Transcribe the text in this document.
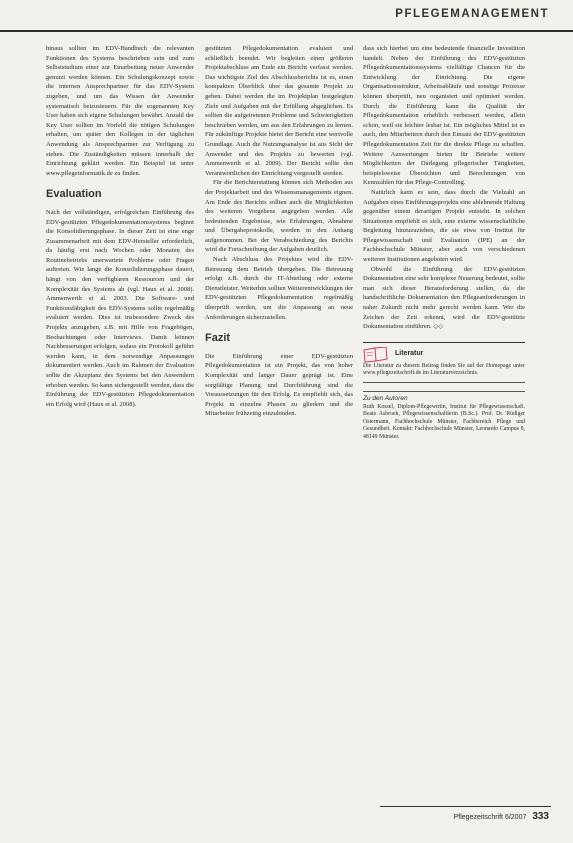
PFLEGEMANAGEMENT

hinaus sollten im EDV-Handbuch die relevanten Funktionen des Systems beschrieben sein und zum Selbststudium einer zur Einarbeitung neuer Anwender genutzt werden können. Ein Schulungskonzept sowie die internen Ansprechpartner für das EDV-System zugeben, und um das Wissen der Anwender systematisch beizusteuern. Für die sogenannten Key User haben sich eigene Schulungen bewährt. Anzahl der Key User sollten im Vorfeld die nötigen Schulungen erhalten, um später den Kollegen in der täglichen Anwendung als Ansprechpartner zur Verfügung zu stehen. Die Zuständigkeiten müssen innerhalb der Einrichtung geklärt werden. Ein Beispiel ist unter www.pflegeinformatik.de zu finden.

Evaluation

Nach der vollständigen, erfolgreichen Einführung des EDV-gestützten Pflegedokumentationssystems beginnt die Konsolidierungsphase. In dieser Zeit ist eine enge Zusammenarbeit mit dem EDV-Hersteller erforderlich, da häufig erst nach Wochen oder Monaten des Routinebetriebs unerwartete Probleme oder Fragen auftreten. Wie lange die Konsolidierungsphase dauert, hängt von den verfügbaren Ressourcen und der Komplexität des Systems ab (vgl. Haux et al. 2008). Ammenwerth et al. 2003. Die Software- und Funktionsfähigkeit des EDV-Systems sollte regelmäßig evaluiert werden. Dies ist insbesondere Zweck des Projekts anzugeben, z.B. mit Hilfe von Fragebögen, Beobachtungen oder Interviews. Damit können Nachbesserungen erfolgen, sodass ein Protokoll geführt werden kann, in dem notwendige Anpassungen dokumentiert werden. Auch im Rahmen der Evaluation sollte die Akzeptanz des Systems bei den Anwendern erhoben werden. So kann sichergestellt werden, dass die Einführung der EDV-gestützten Pflegedokumentation ein Erfolg wird (Haux et al. 2008).

gestützten Pflegedokumentation evaluiert und schließlich beendet. Wir begleiten einen größeren Projektabschluss am Ende ein Bericht verfasst werden. Das wichtigste Ziel des Abschlussberichts ist es, einen kompakten Überblick über das gesamte Projekt zu geben. Dabei werden die im Projektplan festgelegten Ziele und Aufgaben mit der Erfüllung abgeglichen. Es sollten die aufgetretenen Probleme und Schwierigkeiten beschrieben werden, um aus den Erfahrungen zu lernen. Für zukünftige Projekte bietet der Bericht eine wertvolle Grundlage. Auch die Nutzungsanalyse ist aus Sicht der Anwender und des Projekts zu bewerten (vgl. Ammenwerth et al. 2009). Der Bericht sollte den Verantwortlichen der Einrichtung vorgestellt werden.

Für die Berichterstattung können sich Methoden aus der Projektarbeit und des Wissensmanagements eignen. Am Ende des Berichts sollten auch die Möglichkeiten des weiteren Vorgehens angegeben werden. Alle bedeutenden Ergebnisse, wie Erfahrungen, Abnahme und Übergabeprotokolle, werden in den Anhang aufgenommen. Bei der Verabschiedung des Berichts wird die Fortschreibung der Aufgaben deutlich.

Nach Abschluss des Projektes wird die EDV-Betreuung dem Betrieb übergeben. Die Betreuung erfolgt z.B. durch die IT-Abteilung oder externe Dienstleister. Weiterhin sollten Weiterentwicklungen der EDV-gestützten Pflegedokumentation regelmäßig überprüft werden, um die Anpassung an neue Anforderungen sicherzustellen.

Fazit

Die Einführung einer EDV-gestützten Pflegedokumentation ist ein Projekt, das von hoher Komplexität und langer Dauer geprägt ist. Eine sorgfältige Planung und Durchführung sind die Voraussetzungen für den Erfolg. Es empfiehlt sich, das Projekt in einzelne Phasen zu gliedern und die Mitarbeiter frühzeitig einzubinden.

dass sich hierbei um eine bedeutende finanzielle Investition handelt. Neben der Einführung des EDV-gestützten Pflegedokumentationssystems vielfältige Chancen für die Entwicklung der Einrichtung. Die eigene Organisationsstruktur, Arbeitsabläufe und sonstige Prozesse können überprüft, neu organisiert und optimiert werden. Durch die Einführung kann die Qualität der Pflegedokumentation erheblich verbessert werden, allein schon, weil sie leichter lesbar ist. Ein mögliches Mittel ist es auch, den Mitarbeitern durch den Einsatz der EDV-gestützten Pflegedokumentation Zeit für die direkte Pflege zu schaffen. Weitere Auswertungen bieten für Betriebe weitere Möglichkeiten der Darlegung pflegerischer Tätigkeiten, beispielsweise Übersichten und Berechnungen von Kennzahlen für das Pflege-Controlling.

Natürlich kann es sein, dass durch die Vielzahl an Aufgaben eines Einführungsprojekts eine ablehnende Haltung gegenüber einem derartigen Projekt entsteht. In solchen Situationen empfiehlt es sich, eine externe wissenschaftliche Begleitung hinzuzuziehen, die sie etwa von Institut für Pflegewissenschaft und Evaluation (IPE) an der Fachhochschule Münster, aber auch von verschiedenen weiteren Institutionen angeboten wird.

Obwohl die Einführung der EDV-gestützten Dokumentation eine sehr komplexe Neuerung bedeutet, sollte man sich dieser Herausforderung stellen, da die handschriftliche Dokumentation den Pflegeanforderungen in naher Zukunft nicht mehr gerecht werden kann. Wer die Zeichen der Zeit erkennt, wird die EDV-gestützte Dokumentation einführen. ◇◇

Literatur
Die Literatur zu diesem Beitrag finden Sie auf der Homepage unter www.pflegezeitschrift.de im Literaturverzeichnis.
Zu den Autoren
Ruth Kossel, Diplom-Pflegewirtin, Institut für Pflegewissenschaft. Beate Asbroek, Pflegewissenschaftlerin (B.Sc.). Prof. Dr. Rüdiger Ostermann, Fachhochschule Münster, Fachbereich Pflege und Gesundheit. Kontakt: Fachhochschule Münster, Leonardo Campus 8, 48149 Münster.
Pflegezeitschrift 6/2007 333
